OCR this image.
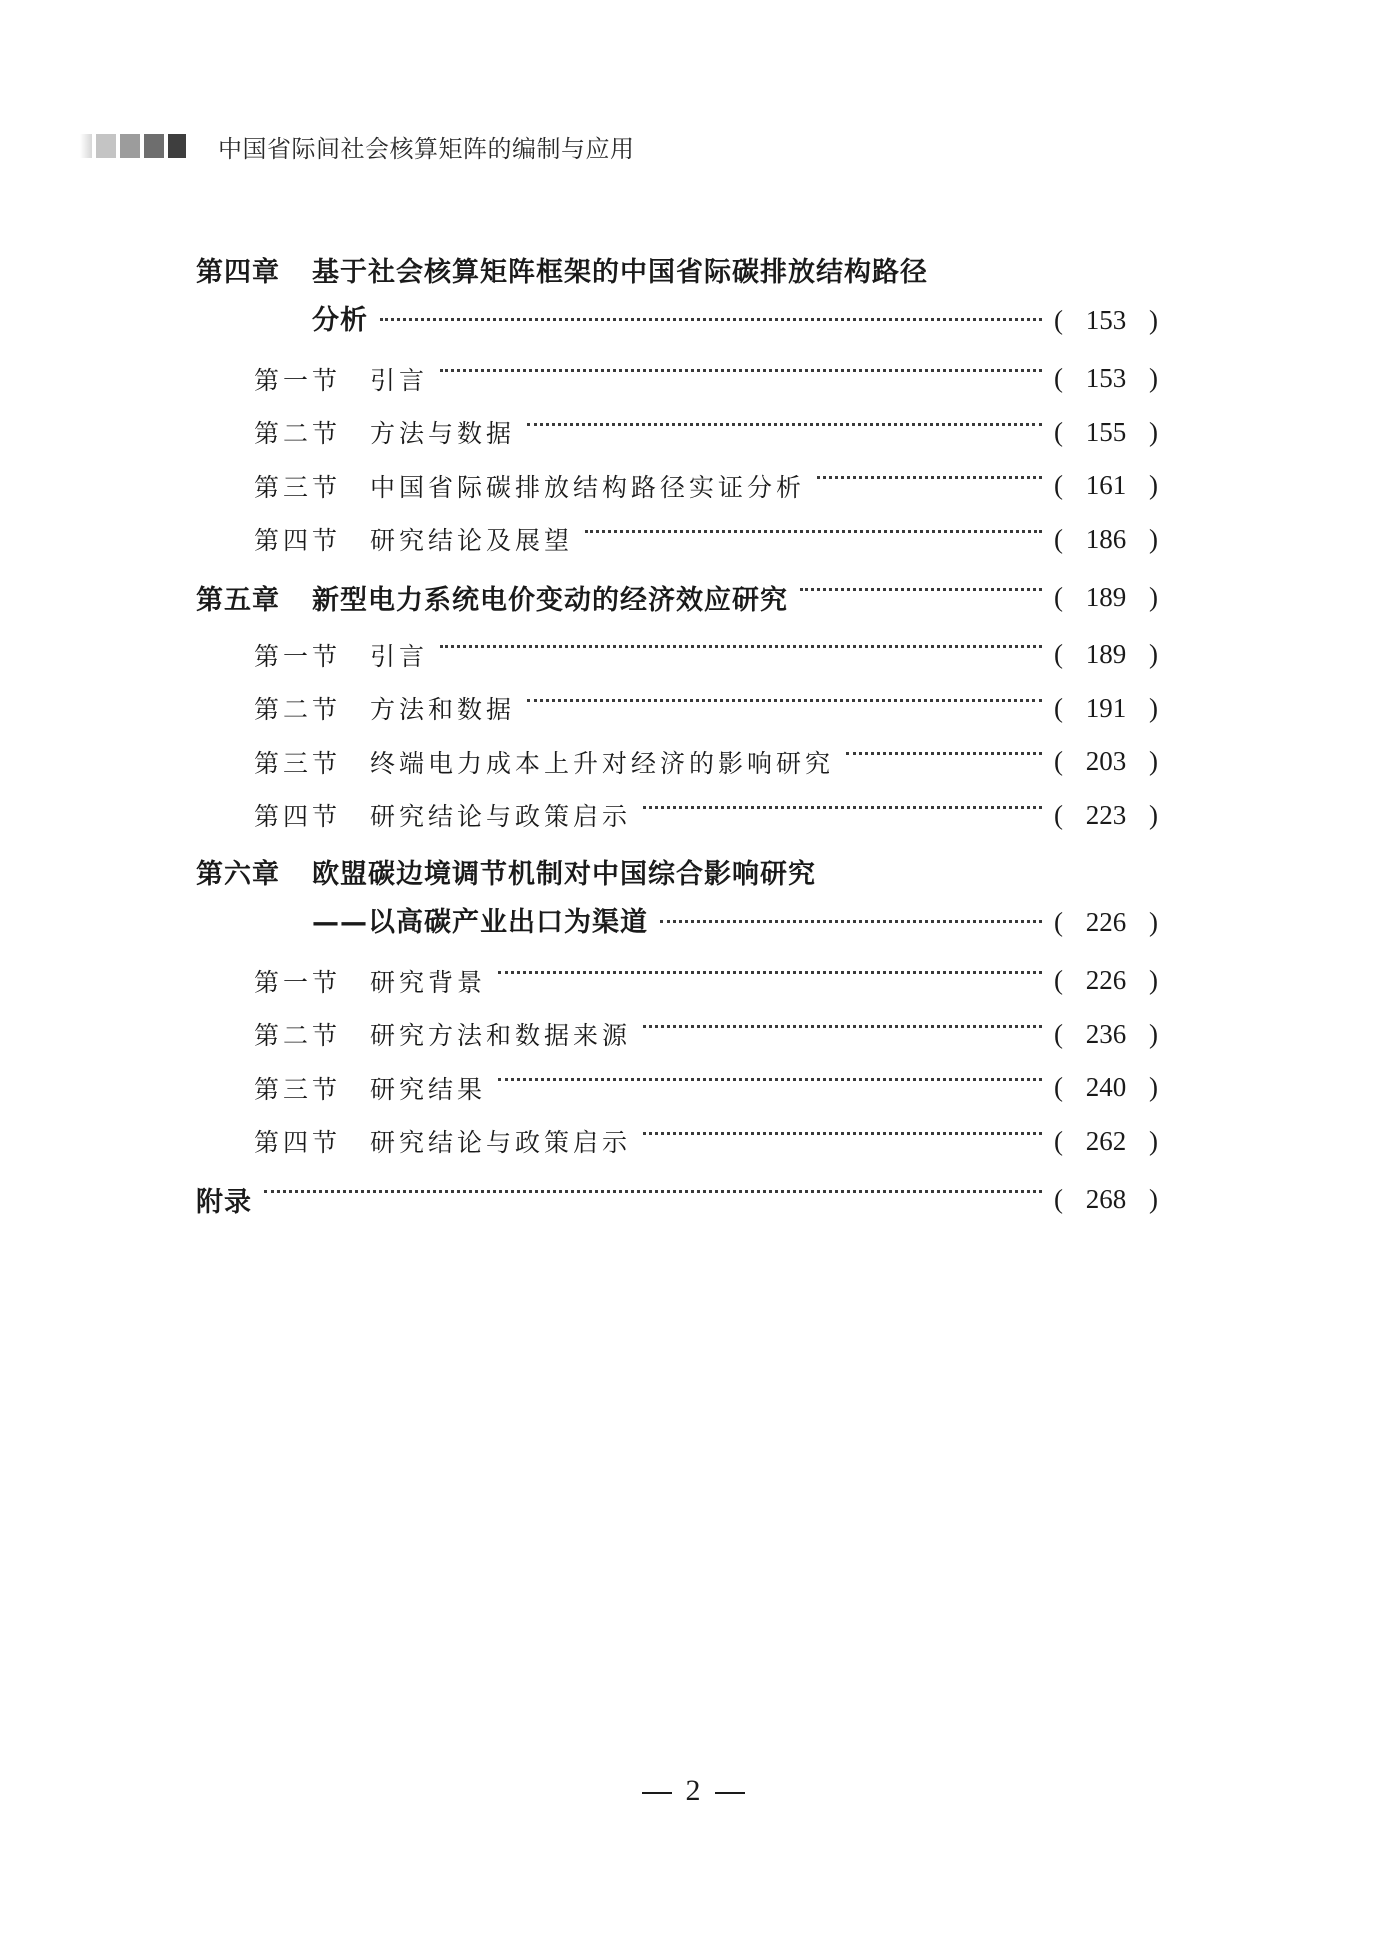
中国省际间社会核算矩阵的编制与应用
第四章	基于社会核算矩阵框架的中国省际碳排放结构路径
分析	( 153 )
第一节	引言	( 153 )
第二节	方法与数据	( 155 )
第三节	中国省际碳排放结构路径实证分析	( 161 )
第四节	研究结论及展望	( 186 )
第五章	新型电力系统电价变动的经济效应研究	( 189 )
第一节	引言	( 189 )
第二节	方法和数据	( 191 )
第三节	终端电力成本上升对经济的影响研究	( 203 )
第四节	研究结论与政策启示	( 223 )
第六章	欧盟碳边境调节机制对中国综合影响研究
——以高碳产业出口为渠道	( 226 )
第一节	研究背景	( 226 )
第二节	研究方法和数据来源	( 236 )
第三节	研究结果	( 240 )
第四节	研究结论与政策启示	( 262 )
附录	( 268 )
2
